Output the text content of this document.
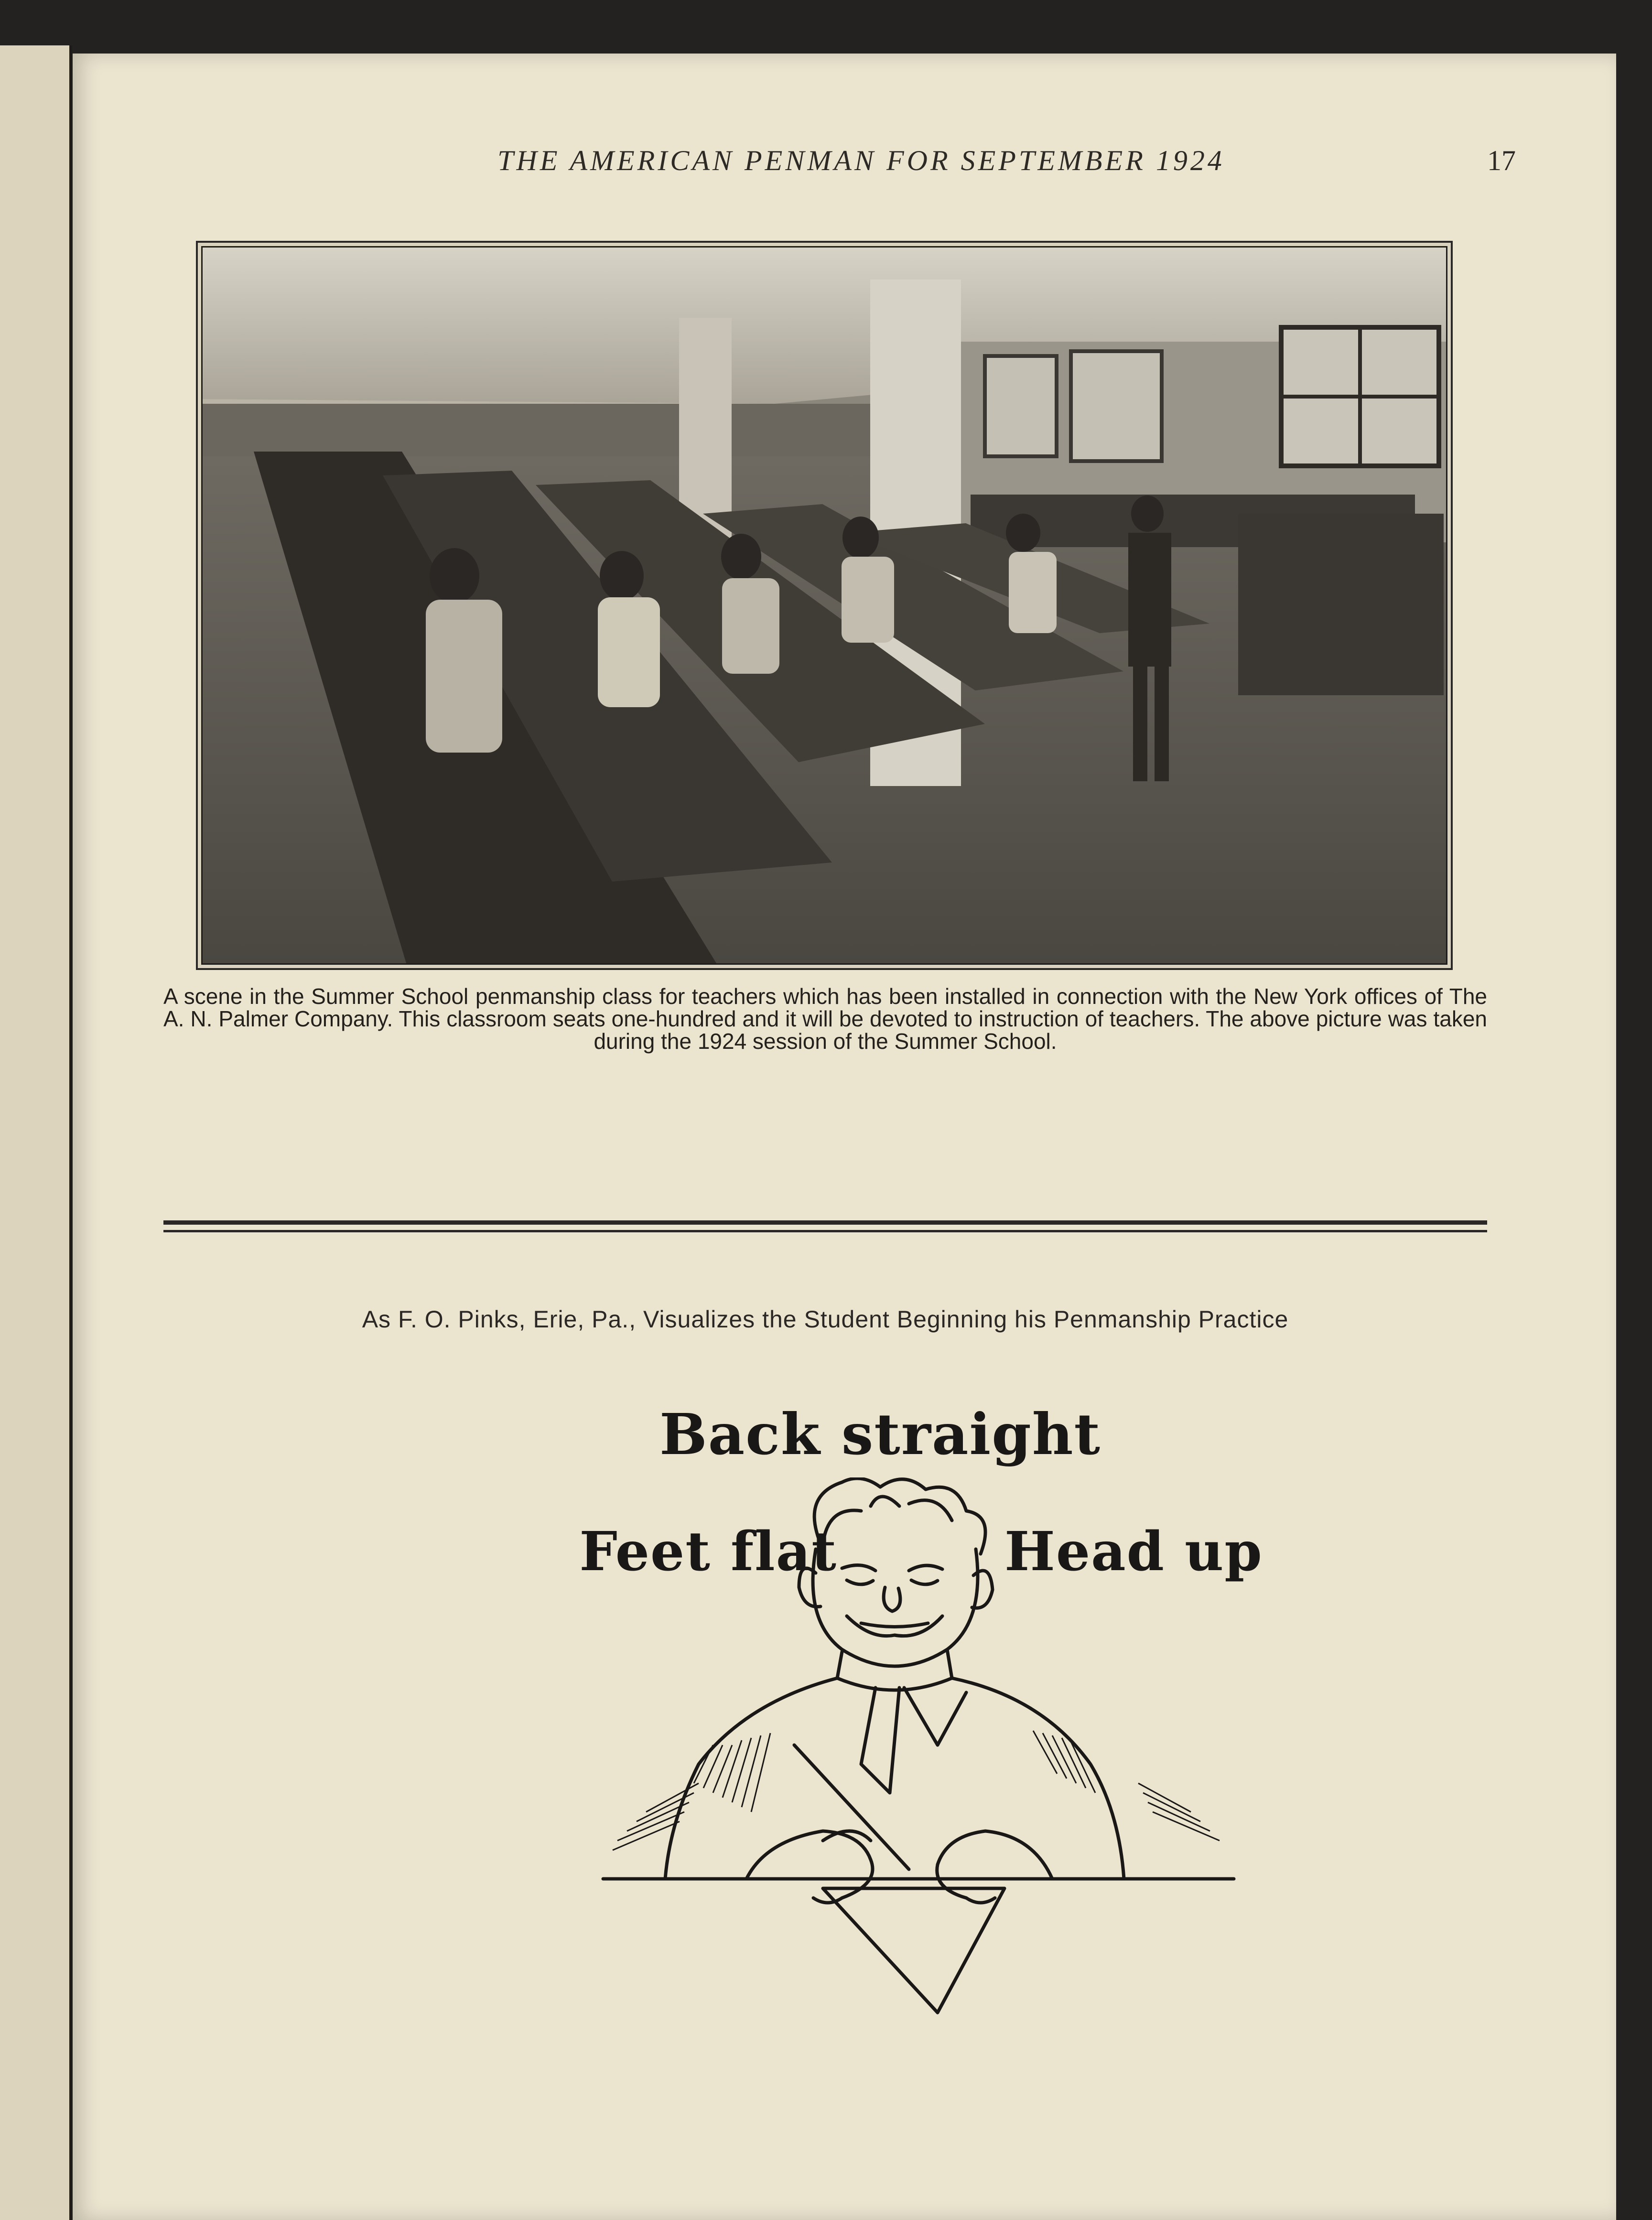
THE AMERICAN PENMAN FOR SEPTEMBER 1924	17
A scene in the Summer School penmanship class for teachers which has been installed in connection with the New York offices of The A. N. Palmer Company. This classroom seats one-hundred and it will be devoted to instruction of teachers. The above picture was taken during the 1924 session of the Summer School.
As F. O. Pinks, Erie, Pa., Visualizes the Student Beginning his Penmanship Practice
Back straight
Feet flat	Head up
